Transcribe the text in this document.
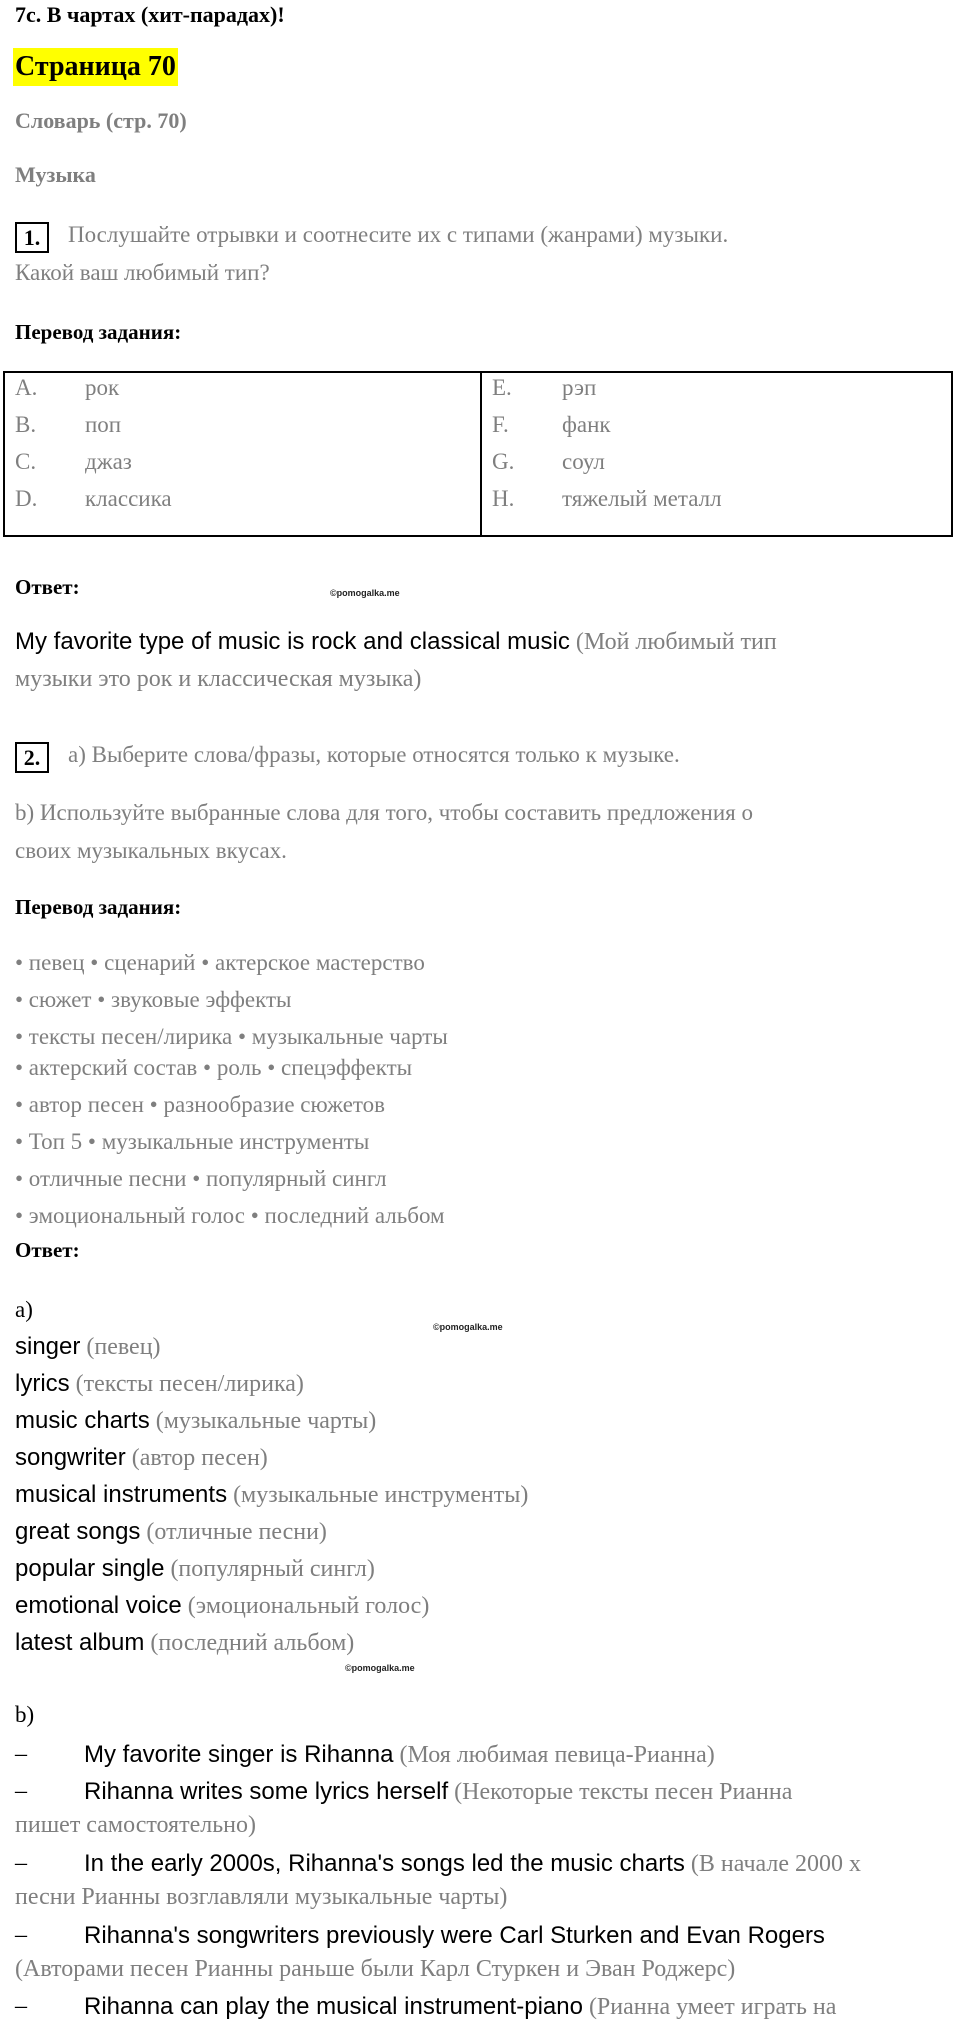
7c. В чартах (хит-парадах)!
Страница 70
Словарь (стр. 70)
Музыка
1.	Послушайте отрывки и соотнесите их с типами (жанрами) музыки.
Какой ваш любимый тип?
Перевод задания:
A. рок
B. поп
C. джаз
D. классика
E. рэп
F. фанк
G. соул
H. тяжелый металл
Ответ:	©pomogalka.me
My favorite type of music is rock and classical music (Мой любимый тип
музыки это рок и классическая музыка)
2.	a) Выберите слова/фразы, которые относятся только к музыке.
b) Используйте выбранные слова для того, чтобы составить предложения о
своих музыкальных вкусах.
Перевод задания:
• певец • сценарий • актерское мастерство
• сюжет • звуковые эффекты
• тексты песен/лирика • музыкальные чарты
• актерский состав • роль • спецэффекты
• автор песен • разнообразие сюжетов
• Топ 5 • музыкальные инструменты
• отличные песни • популярный сингл
• эмоциональный голос • последний альбом
Ответ:
a)
©pomogalka.me
singer (певец)
lyrics (тексты песен/лирика)
music charts (музыкальные чарты)
songwriter (автор песен)
musical instruments (музыкальные инструменты)
great songs (отличные песни)
popular single (популярный сингл)
emotional voice (эмоциональный голос)
latest album (последний альбом)
©pomogalka.me
b)
– My favorite singer is Rihanna (Моя любимая певица-Рианна)
– Rihanna writes some lyrics herself (Некоторые тексты песен Рианна
пишет самостоятельно)
– In the early 2000s, Rihanna's songs led the music charts (В начале 2000 х
песни Рианны возглавляли музыкальные чарты)
– Rihanna's songwriters previously were Carl Sturken and Evan Rogers
(Авторами песен Рианны раньше были Карл Стуркен и Эван Роджерс)
– Rihanna can play the musical instrument-piano (Рианна умеет играть на
